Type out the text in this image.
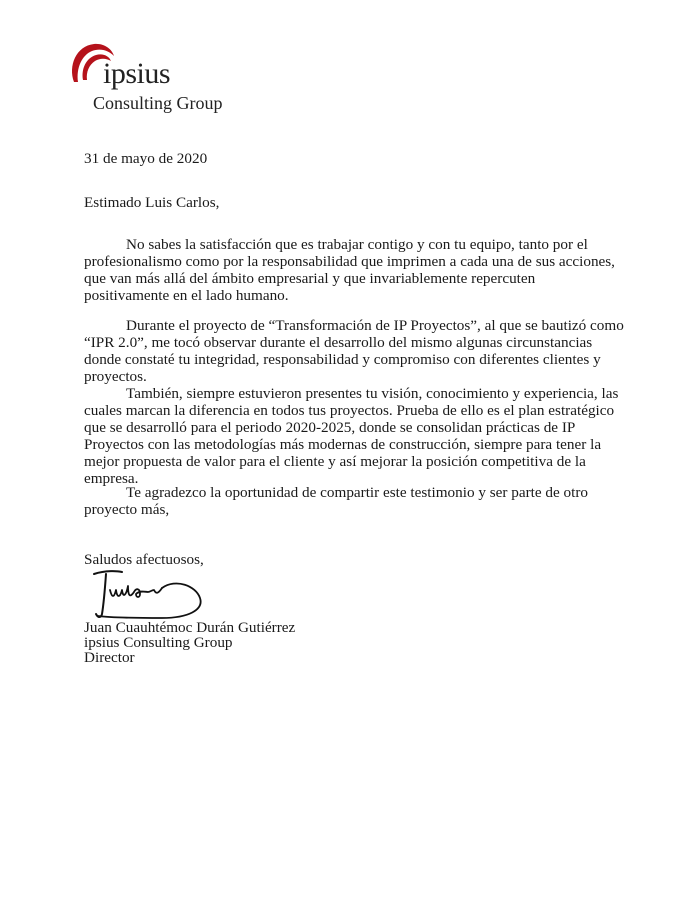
ipsius
Consulting Group
31 de mayo de 2020
Estimado Luis Carlos,

No sabes la satisfacción que es trabajar contigo y con tu equipo, tanto por el profesionalismo como por la responsabilidad que imprimen a cada una de sus acciones, que van más allá del ámbito empresarial y que invariablemente repercuten positivamente en el lado humano.

Durante el proyecto de “Transformación de IP Proyectos”, al que se bautizó como “IPR 2.0”, me tocó observar durante el desarrollo del mismo algunas circunstancias donde constaté tu integridad, responsabilidad y compromiso con diferentes clientes y proyectos.

También, siempre estuvieron presentes tu visión, conocimiento y experiencia, las cuales marcan la diferencia en todos tus proyectos. Prueba de ello es el plan estratégico que se desarrolló para el periodo 2020-2025, donde se consolidan prácticas de IP Proyectos con las metodologías más modernas de construcción, siempre para tener la mejor propuesta de valor para el cliente y así mejorar la posición competitiva de la empresa.

Te agradezco la oportunidad de compartir este testimonio y ser parte de otro proyecto más,

Saludos afectuosos,
Juan Cuauhtémoc Durán Gutiérrez
ipsius Consulting Group
Director
